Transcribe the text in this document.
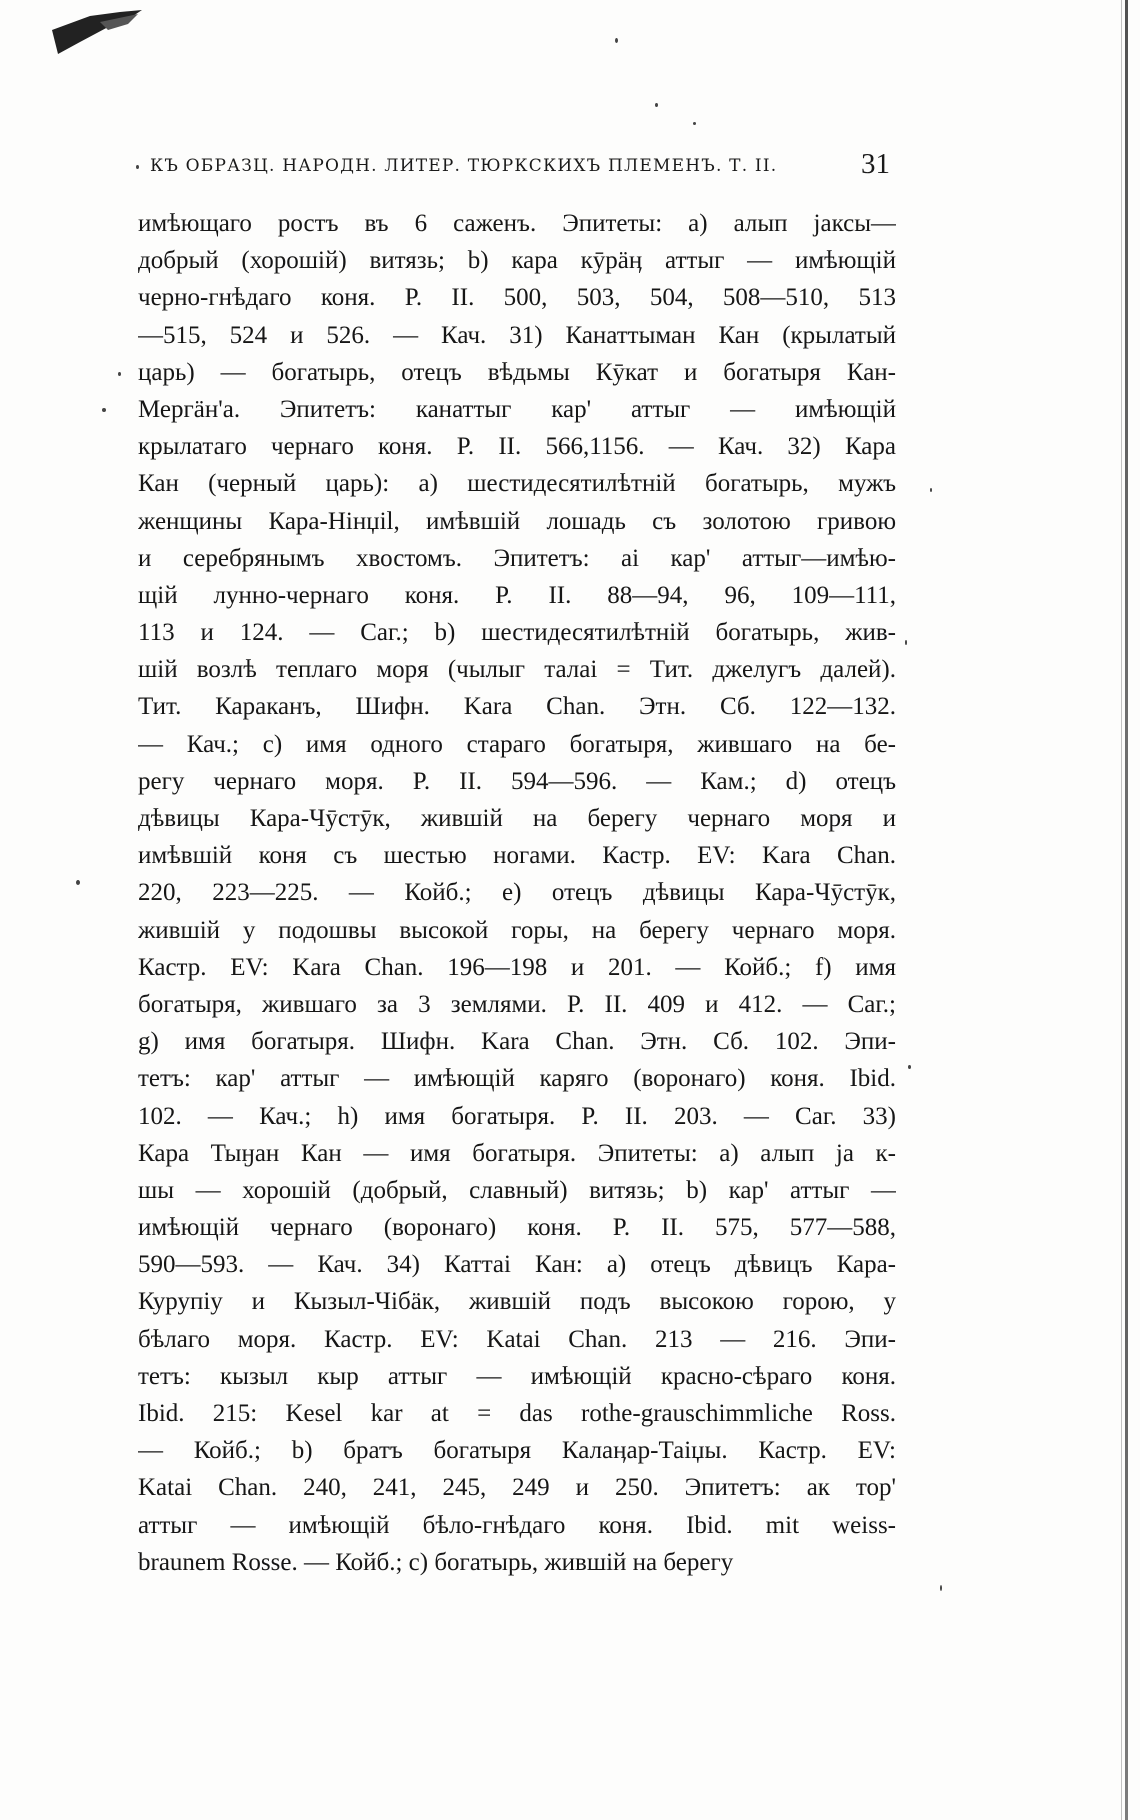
КЪ ОБРАЗЦ. НАРОДН. ЛИТЕР. ТЮРКСКИХЪ ПЛЕМЕНЪ. Т. II.	31
имѣющаго ростъ въ 6 саженъ. Эпитеты: а) алып јаксы—
добрый (хорошій) витязь; b) кара кӯрӓӊ аттыг — имѣющій
черно-гнѣдаго коня. P. II. 500, 503, 504, 508—510, 513
—515, 524 и 526. — Кач. 31) Канаттыман Кан (крылатый
царь) — богатырь, отецъ вѣдьмы Кӯкат и богатыря Кан-
Мергӓн'а. Эпитетъ: канаттыг кар' аттыг — имѣющій
крылатаго чернаго коня. P. II. 566,1156. — Кач. 32) Кара
Кан (черный царь): а) шестидесятилѣтній богатырь, мужъ
женщины Кара-Нінџіl, имѣвшій лошадь съ золотою гривою
и серебрянымъ хвостомъ. Эпитетъ: аі кар' аттыг—имѣю-
щій лунно-чернаго коня. P. II. 88—94, 96, 109—111,
113 и 124. — Саг.; b) шестидесятилѣтній богатырь, жив-
шій возлѣ теплаго моря (чылыг талаі = Тит. джелугъ далей).
Тит. Караканъ, Шифн. Kara Chan. Этн. Сб. 122—132.
— Кач.; с) имя одного стараго богатыря, жившаго на бе-
регу чернаго моря. P. II. 594—596. — Кам.; d) отецъ
дѣвицы Кара-Чӯстӯк, жившій на берегу чернаго моря и
имѣвшій коня съ шестью ногами. Кастр. EV: Kara Chan.
220, 223—225. — Койб.; е) отецъ дѣвицы Кара-Чӯстӯк,
жившій у подошвы высокой горы, на берегу чернаго моря.
Кастр. EV: Kara Chan. 196—198 и 201. — Койб.; f) имя
богатыря, жившаго за 3 землями. P. II. 409 и 412. — Саг.;
g) имя богатыря. Шифн. Kara Chan. Этн. Сб. 102. Эпи-
тетъ: кар' аттыг — имѣющій каряго (воронаго) коня. Ibid.
102. — Кач.; h) имя богатыря. P. II. 203. — Саг. 33)
Кара Тыӈан Кан — имя богатыря. Эпитеты: а) алып ја к-
шы — хорошій (добрый, славный) витязь; b) кар' аттыг —
имѣющій чернаго (воронаго) коня. P. II. 575, 577—588,
590—593. — Кач. 34) Каттаі Кан: а) отецъ дѣвицъ Кара-
Курупіу и Кызыл-Чібӓк, жившій подъ высокою горою, у
бѣлаго моря. Кастр. EV: Katai Chan. 213 — 216. Эпи-
тетъ: кызыл кыр аттыг — имѣющій красно-сѣраго коня.
Ibid. 215: Kesel kar at = das rothe-grauschimmliche Ross.
— Койб.; b) братъ богатыря Калаӊар-Таіџы. Кастр. EV:
Katai Chan. 240, 241, 245, 249 и 250. Эпитетъ: ак тор'
аттыг — имѣющій бѣло-гнѣдаго коня. Ibid. mit weiss-
braunem Rosse. — Койб.; с) богатырь, жившій на берегу
